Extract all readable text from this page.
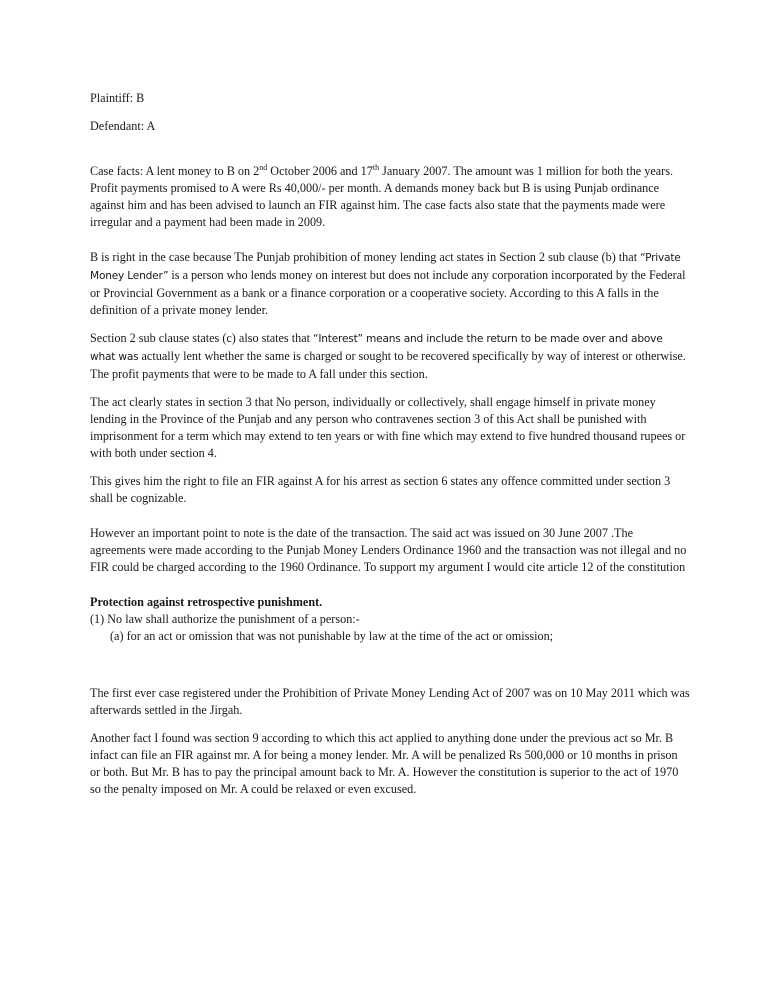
Plaintiff: B

Defendant: A

Case facts: A lent money to B on 2nd October 2006 and 17th January 2007. The amount was 1 million for both the years. Profit payments promised to A were Rs 40,000/- per month. A demands money back but B is using Punjab ordinance against him and has been advised to launch an FIR against him. The case facts also state that the payments made were irregular and a payment had been made in 2009.

B is right in the case because The Punjab prohibition of money lending act states in Section 2 sub clause (b) that “Private Money Lender” is a person who lends money on interest but does not include any corporation incorporated by the Federal or Provincial Government as a bank or a finance corporation or a cooperative society. According to this A falls in the definition of a private money lender.

Section 2 sub clause states (c) also states that “Interest” means and include the return to be made over and above what was actually lent whether the same is charged or sought to be recovered specifically by way of interest or otherwise. The profit payments that were to be made to A fall under this section.

The act clearly states in section 3 that No person, individually or collectively, shall engage himself in private money lending in the Province of the Punjab and any person who contravenes section 3 of this Act shall be punished with imprisonment for a term which may extend to ten years or with fine which may extend to five hundred thousand rupees or with both under section 4.

This gives him the right to file an FIR against A for his arrest as section 6 states any offence committed under section 3 shall be cognizable.

However an important point to note is the date of the transaction. The said act was issued on 30 June 2007 .The agreements were made according to the Punjab Money Lenders Ordinance 1960 and the transaction was not illegal and no FIR could be charged according to the 1960 Ordinance. To support my argument I would cite article 12 of the constitution

Protection against retrospective punishment.

(1) No law shall authorize the punishment of a person:-

(a) for an act or omission that was not punishable by law at the time of the act or omission;

The first ever case registered under the Prohibition of Private Money Lending Act of 2007 was on 10 May 2011 which was afterwards settled in the Jirgah.

Another fact I found was section 9 according to which this act applied to anything done under the previous act so Mr. B infact can file an FIR against mr. A for being a money lender. Mr. A will be penalized Rs 500,000 or 10 months in prison or both. But Mr. B has to pay the principal amount back to Mr. A. However the constitution is superior to the act of 1970 so the penalty imposed on Mr. A could be relaxed or even excused.
